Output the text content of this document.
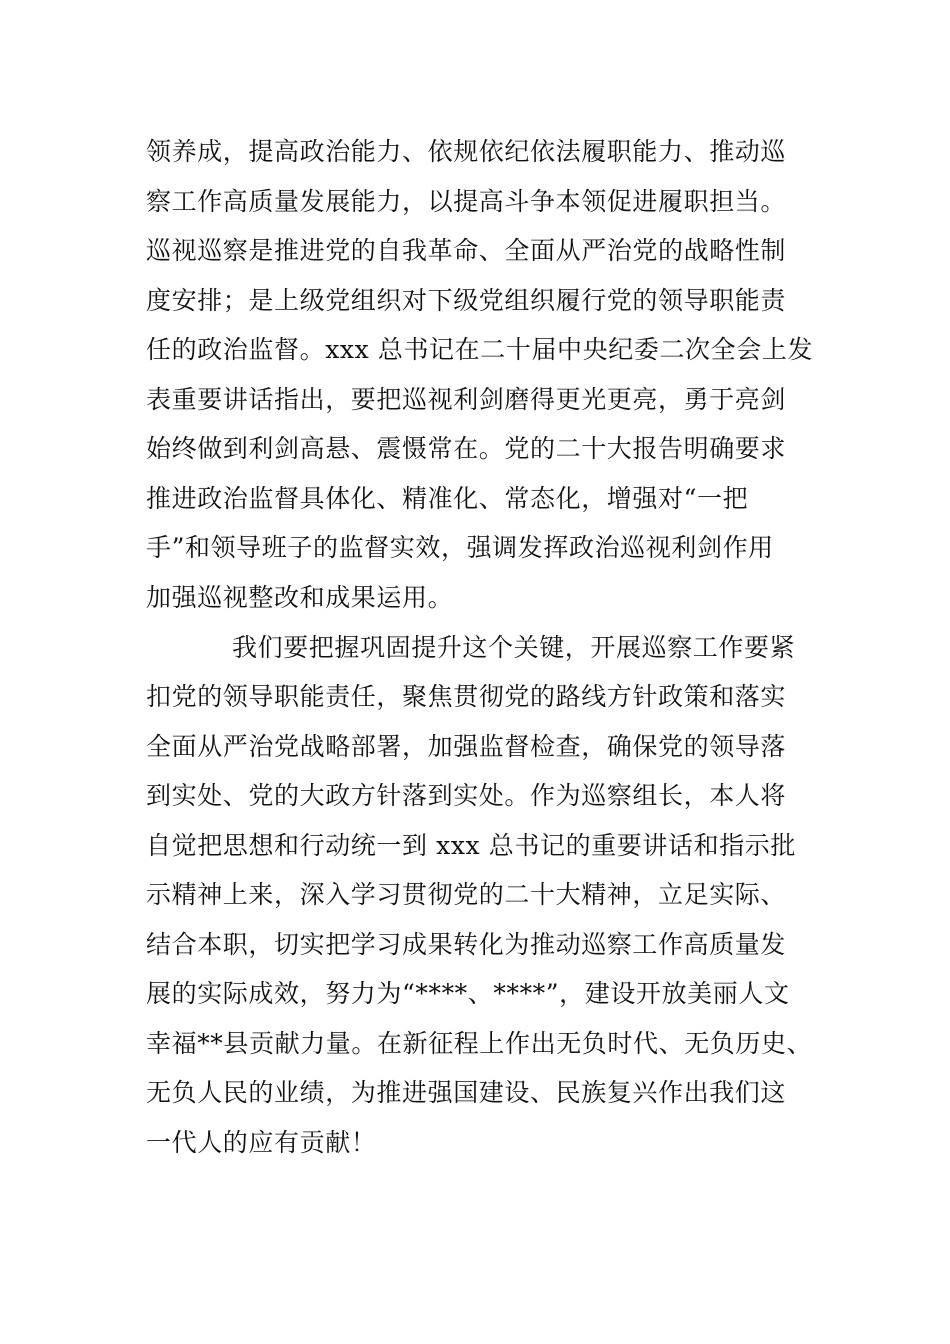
领养成，提高政治能力、依规依纪依法履职能力、推动巡
察工作高质量发展能力，以提高斗争本领促进履职担当。
巡视巡察是推进党的自我革命、全面从严治党的战略性制
度安排；是上级党组织对下级党组织履行党的领导职能责
任的政治监督。xxx 总书记在二十届中央纪委二次全会上发
表重要讲话指出，要把巡视利剑磨得更光更亮，勇于亮剑
始终做到利剑高悬、震慑常在。党的二十大报告明确要求
推进政治监督具体化、精准化、常态化，增强对“一把
手”和领导班子的监督实效，强调发挥政治巡视利剑作用
加强巡视整改和成果运用。
我们要把握巩固提升这个关键，开展巡察工作要紧
扣党的领导职能责任，聚焦贯彻党的路线方针政策和落实
全面从严治党战略部署，加强监督检查，确保党的领导落
到实处、党的大政方针落到实处。作为巡察组长，本人将
自觉把思想和行动统一到 xxx 总书记的重要讲话和指示批
示精神上来，深入学习贯彻党的二十大精神，立足实际、
结合本职，切实把学习成果转化为推动巡察工作高质量发
展的实际成效，努力为“****、****”，建设开放美丽人文
幸福**县贡献力量。在新征程上作出无负时代、无负历史、
无负人民的业绩，为推进强国建设、民族复兴作出我们这
一代人的应有贡献！
